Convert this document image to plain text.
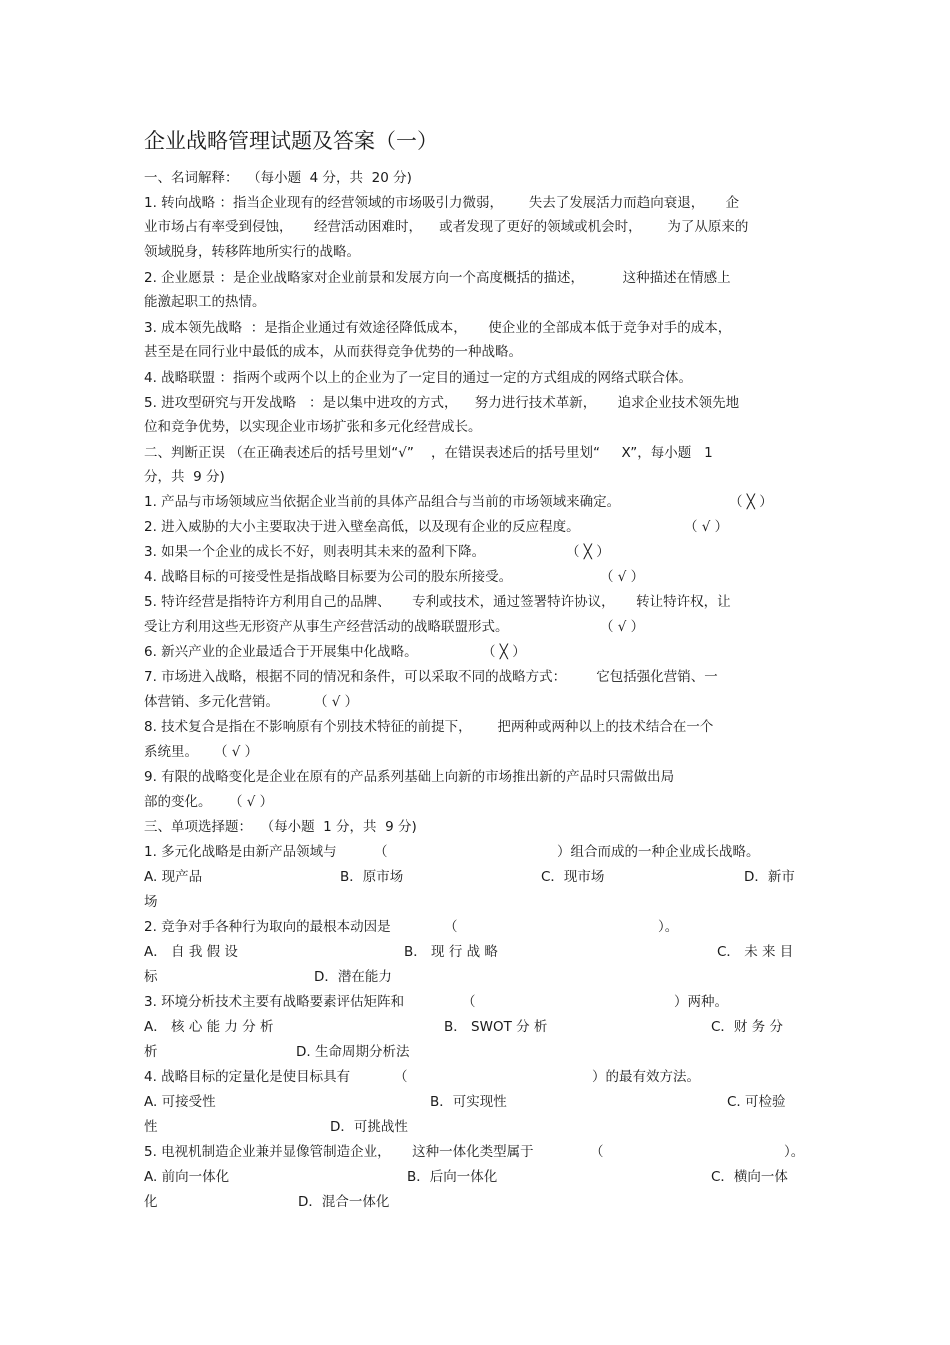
企业战略管理试题及答案（一）
一、名词解释：  （每小题  4 分，共  20 分)
1. 转向战略 ：指当企业现有的经营领域的市场吸引力微弱，      失去了发展活力而趋向衰退，     企
业市场占有率受到侵蚀，     经营活动困难时，    或者发现了更好的领域或机会时，      为了从原来的
领域脱身，转移阵地所实行的战略。
2. 企业愿景 ：是企业战略家对企业前景和发展方向一个高度概括的描述，         这种描述在情感上
能激起职工的热情。
3. 成本领先战略  ：是指企业通过有效途径降低成本，     使企业的全部成本低于竞争对手的成本，
甚至是在同行业中最低的成本，从而获得竞争优势的一种战略。
4. 战略联盟 ：指两个或两个以上的企业为了一定目的通过一定的方式组成的网络式联合体。
5. 进攻型研究与开发战略   ：是以集中进攻的方式，    努力进行技术革新，     追求企业技术领先地
位和竞争优势，以实现企业市场扩张和多元化经营成长。
二、判断正误 （在正确表述后的括号里划“√”    ，在错误表述后的括号里划“     X”，每小题   1
分，共  9 分)
1. 产品与市场领域应当依据企业当前的具体产品组合与当前的市场领域来确定。	（ ╳ ）
2. 进入威胁的大小主要取决于进入壁垒高低，以及现有企业的反应程度。	（ √ ）
3. 如果一个企业的成长不好，则表明其未来的盈利下降。	（ ╳ ）
4. 战略目标的可接受性是指战略目标要为公司的股东所接受。	（ √ ）
5. 特许经营是指特许方利用自己的品牌、     专利或技术，通过签署特许协议，     转让特许权，让
受让方利用这些无形资产从事生产经营活动的战略联盟形式。	（ √ ）
6. 新兴产业的企业最适合于开展集中化战略。	（ ╳ ）
7. 市场进入战略，根据不同的情况和条件，可以采取不同的战略方式：       它包括强化营销、一
体营销、多元化营销。	（ √ ）
8. 技术复合是指在不影响原有个别技术特征的前提下，      把两种或两种以上的技术结合在一个
系统里。	（ √ ）
9. 有限的战略变化是企业在原有的产品系列基础上向新的市场推出新的产品时只需做出局
部的变化。	（ √ ）
三、单项选择题：  （每小题  1 分，共  9 分)
1. 多元化战略是由新产品领域与	（	）组合而成的一种企业成长战略。
A. 现产品	B．原市场	C．现市场	D．新市
场
2. 竞争对手各种行为取向的最根本动因是	（	）。
A． 自 我 假 设	B． 现 行 战 略	C． 未 来 目
标	D．潜在能力
3. 环境分析技术主要有战略要素评估矩阵和	（	）两种。
A． 核 心 能 力 分 析	B． SWOT 分 析	C．财 务 分
析	D. 生命周期分析法
4. 战略目标的定量化是使目标具有	（	）的最有效方法。
A. 可接受性	B．可实现性	C. 可检验
性	D．可挑战性
5. 电视机制造企业兼并显像管制造企业，     这种一体化类型属于	（	）。
A. 前向一体化	B．后向一体化	C．横向一体
化	D．混合一体化
